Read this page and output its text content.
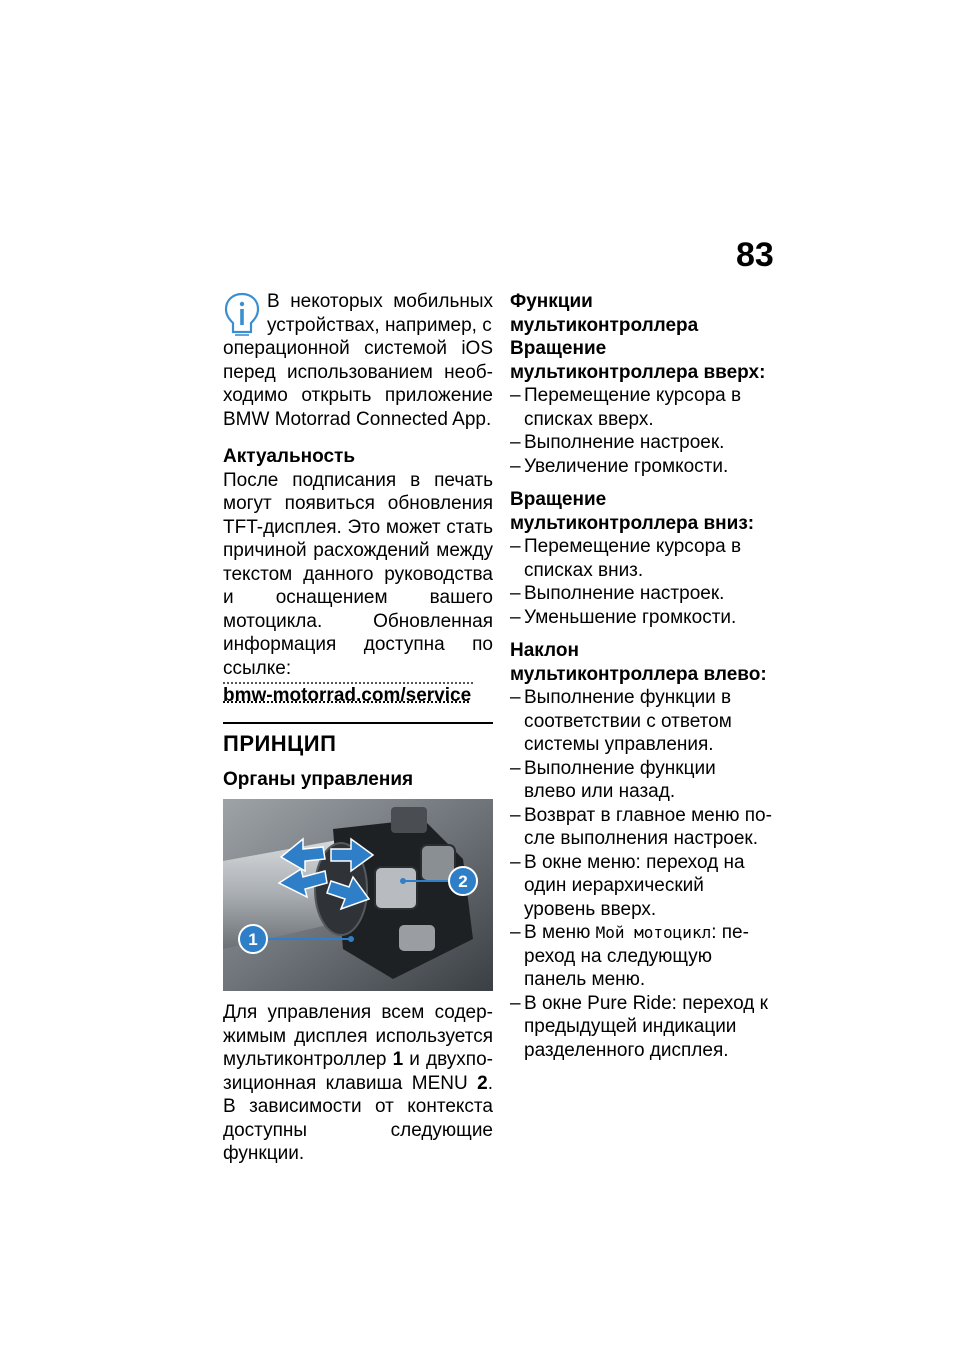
83

В некоторых мобильных устройствах, например, с

операционной системой iOS перед использованием необходимо открыть приложение BMW Motorrad Connected App.

Актуальность

После подписания в печать могут появиться обновления TFT-дисплея. Это может стать причиной расхождений между текстом данного руководства и оснащением вашего мотоцикла. Обновленная информация доступна по ссылке:

bmw-motorrad.com/service

ПРИНЦИП

Органы управления

1
2

Для управления всем содержимым дисплея используется мультиконтроллер 1 и двухпозиционная клавиша MENU 2. В зависимости от контекста доступны следующие функции.

Функции мультиконтроллера

Вращение мультиконтроллера вверх:

– Перемещение курсора в списках вверх.
– Выполнение настроек.
– Увеличение громкости.

Вращение мультиконтроллера вниз:

– Перемещение курсора в списках вниз.
– Выполнение настроек.
– Уменьшение громкости.

Наклон мультиконтроллера влево:

– Выполнение функции в соответствии с ответом системы управления.
– Выполнение функции влево или назад.
– Возврат в главное меню после выполнения настроек.
– В окне меню: переход на один иерархический уровень вверх.
– В меню Мой мотоцикл: переход на следующую панель меню.
– В окне Pure Ride: переход к предыдущей индикации разделенного дисплея.
